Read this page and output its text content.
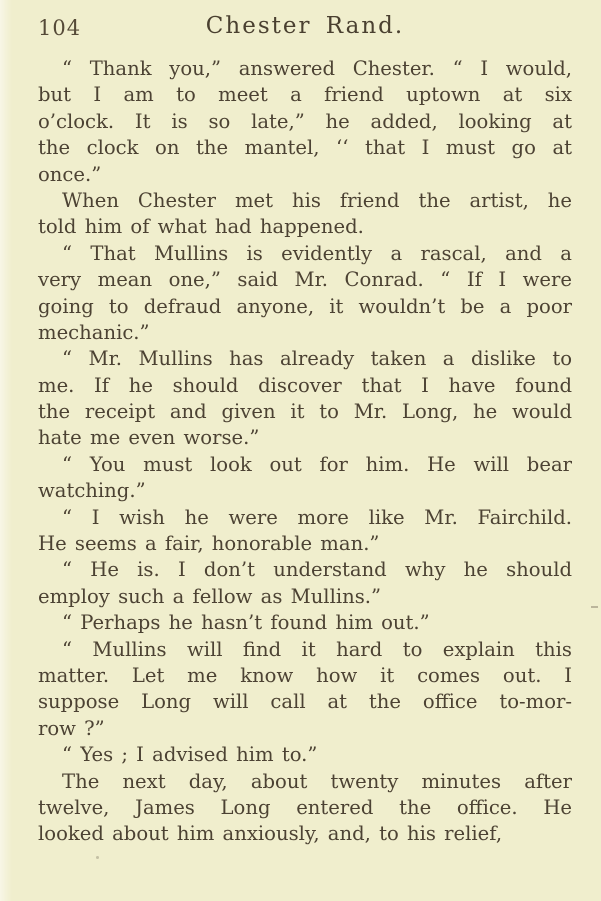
104	Chester Rand.

“ Thank you,” answered Chester. “ I would,
but I am to meet a friend uptown at six
o’clock. It is so late,” he added, looking at
the clock on the mantel, ‘‘ that I must go at
once.”

When Chester met his friend the artist, he
told him of what had happened.

“ That Mullins is evidently a rascal, and a
very mean one,” said Mr. Conrad. “ If I were
going to defraud anyone, it wouldn’t be a poor
mechanic.”

“ Mr. Mullins has already taken a dislike to
me. If he should discover that I have found
the receipt and given it to Mr. Long, he would
hate me even worse.”

“ You must look out for him. He will bear
watching.”

“ I wish he were more like Mr. Fairchild.
He seems a fair, honorable man.”

“ He is. I don’t understand why he should
employ such a fellow as Mullins.”

“ Perhaps he hasn’t found him out.”

“ Mullins will find it hard to explain this
matter. Let me know how it comes out. I
suppose Long will call at the office to-mor-
row ?”

“ Yes ; I advised him to.”

The next day, about twenty minutes after
twelve, James Long entered the office. He
looked about him anxiously, and, to his relief,
